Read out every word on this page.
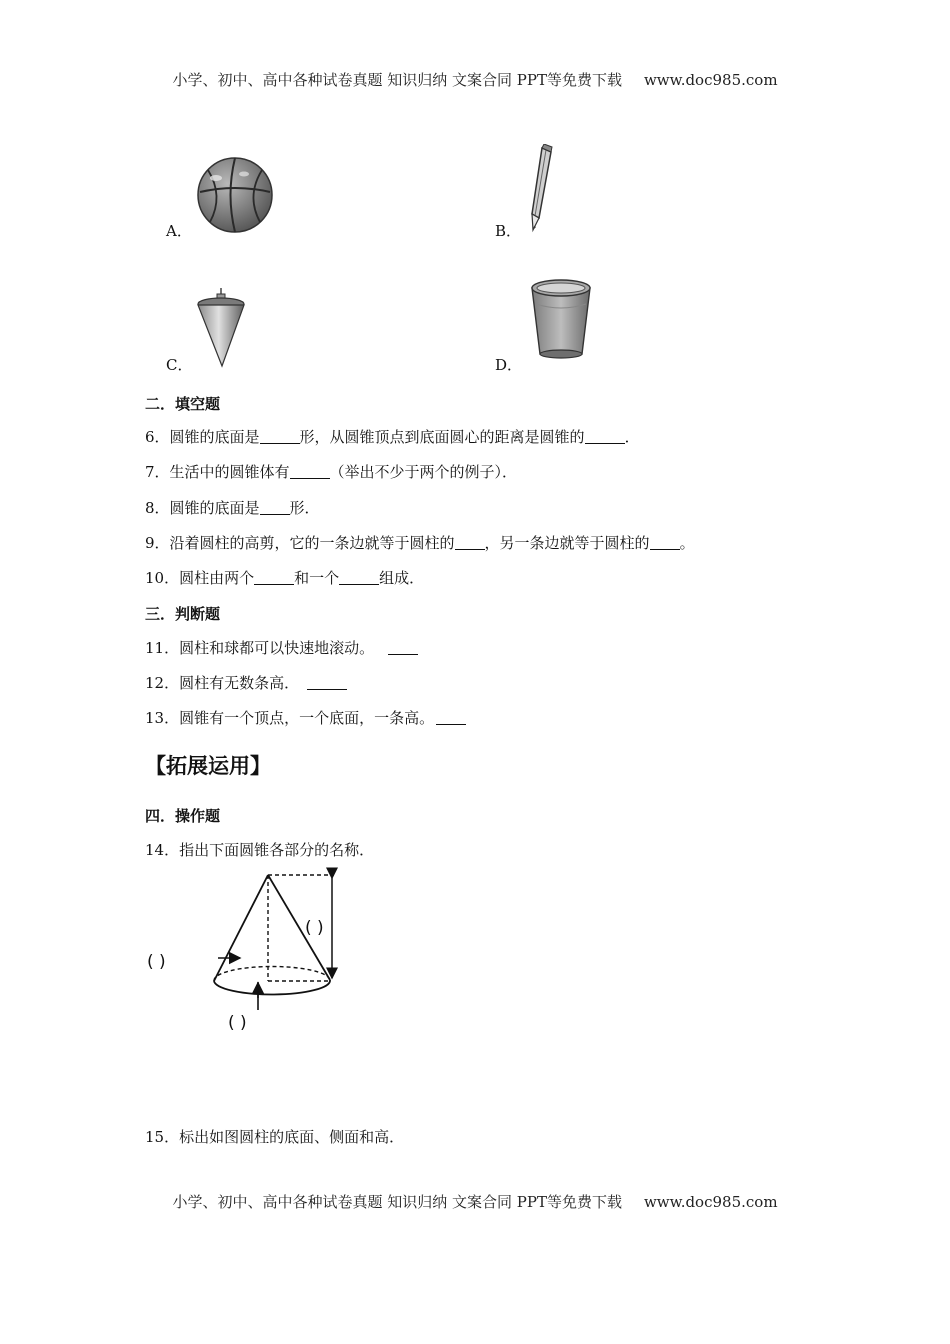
小学、初中、高中各种试卷真题 知识归纳 文案合同 PPT等免费下载 www.doc985.com
A．	B．
C．	D．
二．填空题
6．圆锥的底面是	形，从圆锥顶点到底面圆心的距离是圆锥的	．
7．生活中的圆锥体有	（举出不少于两个的例子）．
8．圆锥的底面是 形．
9．沿着圆柱的高剪，它的一条边就等于圆柱的 ，另一条边就等于圆柱的 。
10．圆柱由两个	和一个	组成．
三．判断题
11．圆柱和球都可以快速地滚动。
12．圆柱有无数条高．
13．圆锥有一个顶点，一个底面，一条高。
【拓展运用】
四．操作题
14．指出下面圆锥各部分的名称．
( )
( )
( )
15．标出如图圆柱的底面、侧面和高．
小学、初中、高中各种试卷真题 知识归纳 文案合同 PPT等免费下载 www.doc985.com
